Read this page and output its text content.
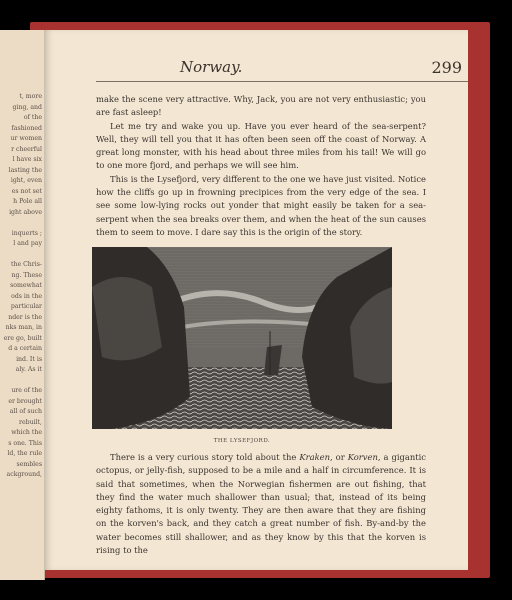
t, more
ging, and
of the
fashioned
ur women
r cheerful
l have six
lasting the
ight, even
es not set
h Pole all
ight above
inquerts ;
l and pay
the Chris-
ng. These
somewhat
ods in the
particular
nder is the
nks man, in
ere go, built
d a certain
ind. It is
aly. As it
ure of the
er brought
all of such
rebuilt,
which the
s one. This
ld, the rule
sembles
ackground,
Norway.	299

make the scene very attractive. Why, Jack, you are not very enthusiastic; you are fast asleep!

Let me try and wake you up. Have you ever heard of the sea-serpent? Well, they will tell you that it has often been seen off the coast of Norway. A great long monster, with his head about three miles from his tail! We will go to one more fjord, and perhaps we will see him.

This is the Lysefjord, very different to the one we have just visited. Notice how the cliffs go up in frowning precipices from the very edge of the sea. I see some low-lying rocks out yonder that might easily be taken for a sea-serpent when the sea breaks over them, and when the heat of the sun causes them to seem to move. I dare say this is the origin of the story.

THE LYSEFJORD.

There is a very curious story told about the Kraken, or Korven, a gigantic octopus, or jelly-fish, supposed to be a mile and a half in circumference. It is said that sometimes, when the Norwegian fishermen are out fishing, that they find the water much shallower than usual; that, instead of its being eighty fathoms, it is only twenty. They are then aware that they are fishing on the korven's back, and they catch a great number of fish. By-and-by the water becomes still shallower, and as they know by this that the korven is rising to the
